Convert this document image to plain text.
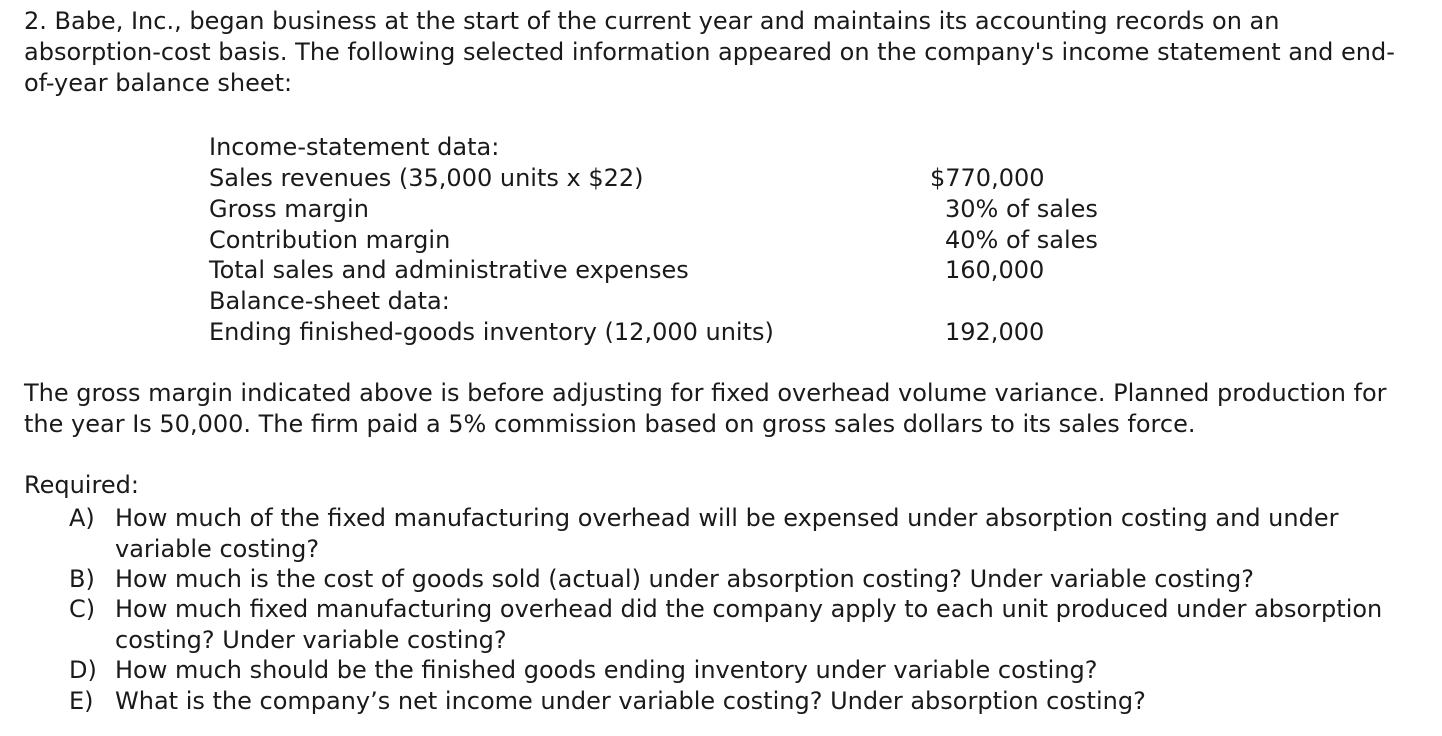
2. Babe, Inc., began business at the start of the current year and maintains its accounting records on an absorption-cost basis. The following selected information appeared on the company's income statement and end-of-year balance sheet:

Income-statement data:
Sales revenues (35,000 units x $22)	$770,000
Gross margin	30% of sales
Contribution margin	40% of sales
Total sales and administrative expenses	160,000
Balance-sheet data:
Ending finished-goods inventory (12,000 units)	192,000

The gross margin indicated above is before adjusting for fixed overhead volume variance. Planned production for the year Is 50,000. The firm paid a 5% commission based on gross sales dollars to its sales force.

Required:

A) How much of the fixed manufacturing overhead will be expensed under absorption costing and under variable costing?
B) How much is the cost of goods sold (actual) under absorption costing? Under variable costing?
C) How much fixed manufacturing overhead did the company apply to each unit produced under absorption costing? Under variable costing?
D) How much should be the finished goods ending inventory under variable costing?
E) What is the company’s net income under variable costing? Under absorption costing?
